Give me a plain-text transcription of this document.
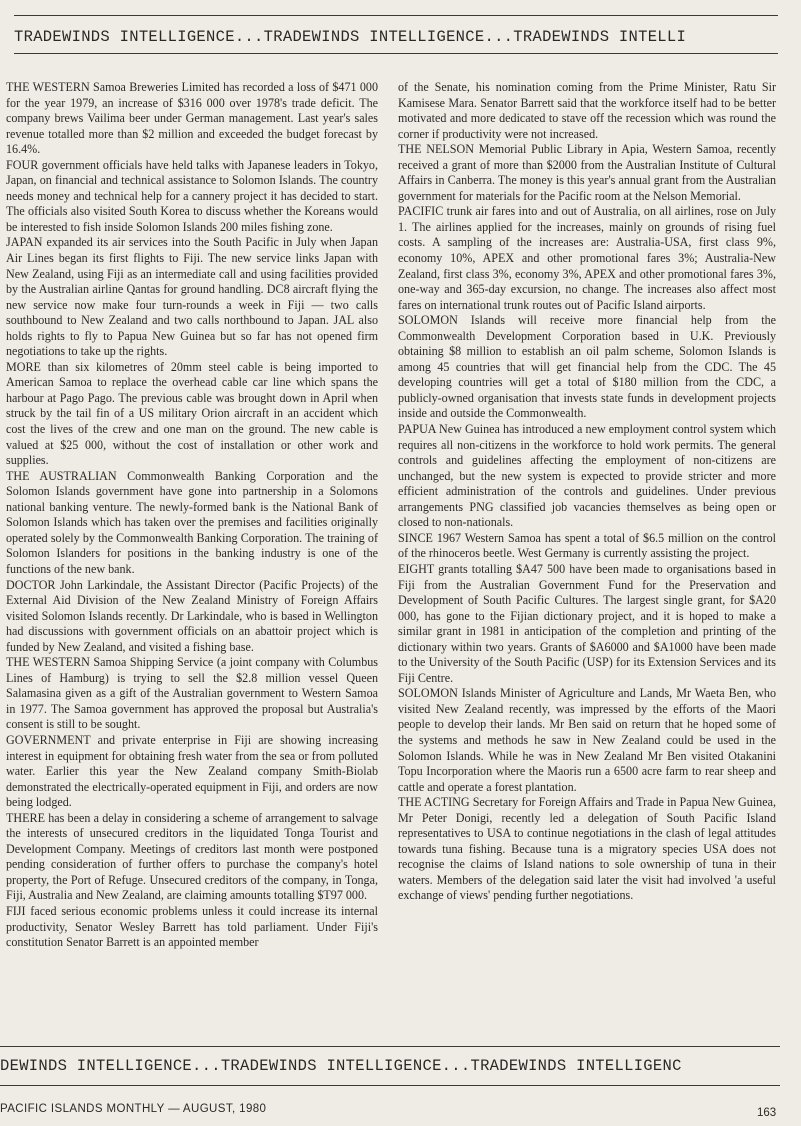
TRADEWINDS INTELLIGENCE...TRADEWINDS INTELLIGENCE...TRADEWINDS INTELLI

THE WESTERN Samoa Breweries Limited has recorded a loss of $471 000 for the year 1979, an increase of $316 000 over 1978's trade deficit. The company brews Vailima beer under German management. Last year's sales revenue totalled more than $2 million and exceeded the budget forecast by 16.4%.

FOUR government officials have held talks with Japanese leaders in Tokyo, Japan, on financial and technical assistance to Solomon Islands. The country needs money and technical help for a cannery project it has decided to start. The officials also visited South Korea to discuss whether the Koreans would be interested to fish inside Solomon Islands 200 miles fishing zone.

JAPAN expanded its air services into the South Pacific in July when Japan Air Lines began its first flights to Fiji. The new service links Japan with New Zealand, using Fiji as an intermediate call and using facilities provided by the Australian airline Qantas for ground handling. DC8 aircraft flying the new service now make four turn-rounds a week in Fiji — two calls southbound to New Zealand and two calls northbound to Japan. JAL also holds rights to fly to Papua New Guinea but so far has not opened firm negotiations to take up the rights.

MORE than six kilometres of 20mm steel cable is being imported to American Samoa to replace the overhead cable car line which spans the harbour at Pago Pago. The previous cable was brought down in April when struck by the tail fin of a US military Orion aircraft in an accident which cost the lives of the crew and one man on the ground. The new cable is valued at $25 000, without the cost of installation or other work and supplies.

THE AUSTRALIAN Commonwealth Banking Corporation and the Solomon Islands government have gone into partnership in a Solomons national banking venture. The newly-formed bank is the National Bank of Solomon Islands which has taken over the premises and facilities originally operated solely by the Commonwealth Banking Corporation. The training of Solomon Islanders for positions in the banking industry is one of the functions of the new bank.

DOCTOR John Larkindale, the Assistant Director (Pacific Projects) of the External Aid Division of the New Zealand Ministry of Foreign Affairs visited Solomon Islands recently. Dr Larkindale, who is based in Wellington had discussions with government officials on an abattoir project which is funded by New Zealand, and visited a fishing base.

THE WESTERN Samoa Shipping Service (a joint company with Columbus Lines of Hamburg) is trying to sell the $2.8 million vessel Queen Salamasina given as a gift of the Australian government to Western Samoa in 1977. The Samoa government has approved the proposal but Australia's consent is still to be sought.

GOVERNMENT and private enterprise in Fiji are showing increasing interest in equipment for obtaining fresh water from the sea or from polluted water. Earlier this year the New Zealand company Smith-Biolab demonstrated the electrically-operated equipment in Fiji, and orders are now being lodged.

THERE has been a delay in considering a scheme of arrangement to salvage the interests of unsecured creditors in the liquidated Tonga Tourist and Development Company. Meetings of creditors last month were postponed pending consideration of further offers to purchase the company's hotel property, the Port of Refuge. Unsecured creditors of the company, in Tonga, Fiji, Australia and New Zealand, are claiming amounts totalling $T97 000.

FIJI faced serious economic problems unless it could increase its internal productivity, Senator Wesley Barrett has told parliament. Under Fiji's constitution Senator Barrett is an appointed member

of the Senate, his nomination coming from the Prime Minister, Ratu Sir Kamisese Mara. Senator Barrett said that the workforce itself had to be better motivated and more dedicated to stave off the recession which was round the corner if productivity were not increased.

THE NELSON Memorial Public Library in Apia, Western Samoa, recently received a grant of more than $2000 from the Australian Institute of Cultural Affairs in Canberra. The money is this year's annual grant from the Australian government for materials for the Pacific room at the Nelson Memorial.

PACIFIC trunk air fares into and out of Australia, on all airlines, rose on July 1. The airlines applied for the increases, mainly on grounds of rising fuel costs. A sampling of the increases are: Australia-USA, first class 9%, economy 10%, APEX and other promotional fares 3%; Australia-New Zealand, first class 3%, economy 3%, APEX and other promotional fares 3%, one-way and 365-day excursion, no change. The increases also affect most fares on international trunk routes out of Pacific Island airports.

SOLOMON Islands will receive more financial help from the Commonwealth Development Corporation based in U.K. Previously obtaining $8 million to establish an oil palm scheme, Solomon Islands is among 45 countries that will get financial help from the CDC. The 45 developing countries will get a total of $180 million from the CDC, a publicly-owned organisation that invests state funds in development projects inside and outside the Commonwealth.

PAPUA New Guinea has introduced a new employment control system which requires all non-citizens in the workforce to hold work permits. The general controls and guidelines affecting the employment of non-citizens are unchanged, but the new system is expected to provide stricter and more efficient administration of the controls and guidelines. Under previous arrangements PNG classified job vacancies themselves as being open or closed to non-nationals.

SINCE 1967 Western Samoa has spent a total of $6.5 million on the control of the rhinoceros beetle. West Germany is currently assisting the project.

EIGHT grants totalling $A47 500 have been made to organisations based in Fiji from the Australian Government Fund for the Preservation and Development of South Pacific Cultures. The largest single grant, for $A20 000, has gone to the Fijian dictionary project, and it is hoped to make a similar grant in 1981 in anticipation of the completion and printing of the dictionary within two years. Grants of $A6000 and $A1000 have been made to the University of the South Pacific (USP) for its Extension Services and its Fiji Centre.

SOLOMON Islands Minister of Agriculture and Lands, Mr Waeta Ben, who visited New Zealand recently, was impressed by the efforts of the Maori people to develop their lands. Mr Ben said on return that he hoped some of the systems and methods he saw in New Zealand could be used in the Solomon Islands. While he was in New Zealand Mr Ben visited Otakanini Topu Incorporation where the Maoris run a 6500 acre farm to rear sheep and cattle and operate a forest plantation.

THE ACTING Secretary for Foreign Affairs and Trade in Papua New Guinea, Mr Peter Donigi, recently led a delegation of South Pacific Island representatives to USA to continue negotiations in the clash of legal attitudes towards tuna fishing. Because tuna is a migratory species USA does not recognise the claims of Island nations to sole ownership of tuna in their waters. Members of the delegation said later the visit had involved 'a useful exchange of views' pending further negotiations.

DEWINDS INTELLIGENCE...TRADEWINDS INTELLIGENCE...TRADEWINDS INTELLIGENC
PACIFIC ISLANDS MONTHLY — AUGUST, 1980	163
